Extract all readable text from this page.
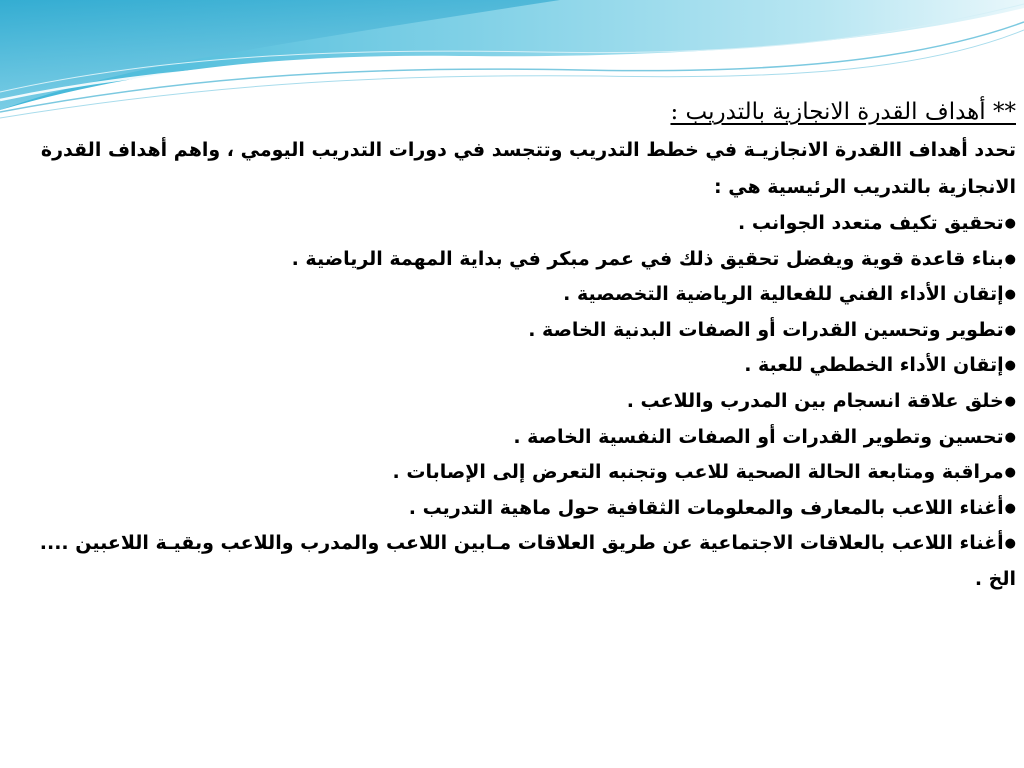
** أهداف القدرة الانجازية بالتدريب :

تحدد أهداف االقدرة الانجازيـة في خطط التدريب وتتجسد في دورات التدريب اليومي ، واهم أهداف القدرة الانجازية بالتدريب الرئيسية هي :

●تحقيق تكيف متعدد الجوانب .
●بناء قاعدة قوية ويفضل تحقيق ذلك في عمر مبكر في بداية المهمة الرياضية .
●إتقان الأداء الفني للفعالية الرياضية التخصصية .
●تطوير وتحسين القدرات أو الصفات البدنية الخاصة .
●إتقان الأداء الخططي للعبة .
●خلق علاقة انسجام بين المدرب واللاعب .
●تحسين وتطوير القدرات أو الصفات النفسية الخاصة .
●مراقبة ومتابعة الحالة الصحية للاعب وتجنبه التعرض إلى الإصابات .
●أغناء اللاعب بالمعارف والمعلومات الثقافية حول ماهية التدريب .
●أغناء اللاعب بالعلاقات الاجتماعية عن طريق العلاقات مـابين اللاعب والمدرب واللاعب وبقيـة اللاعبين .... الخ .
